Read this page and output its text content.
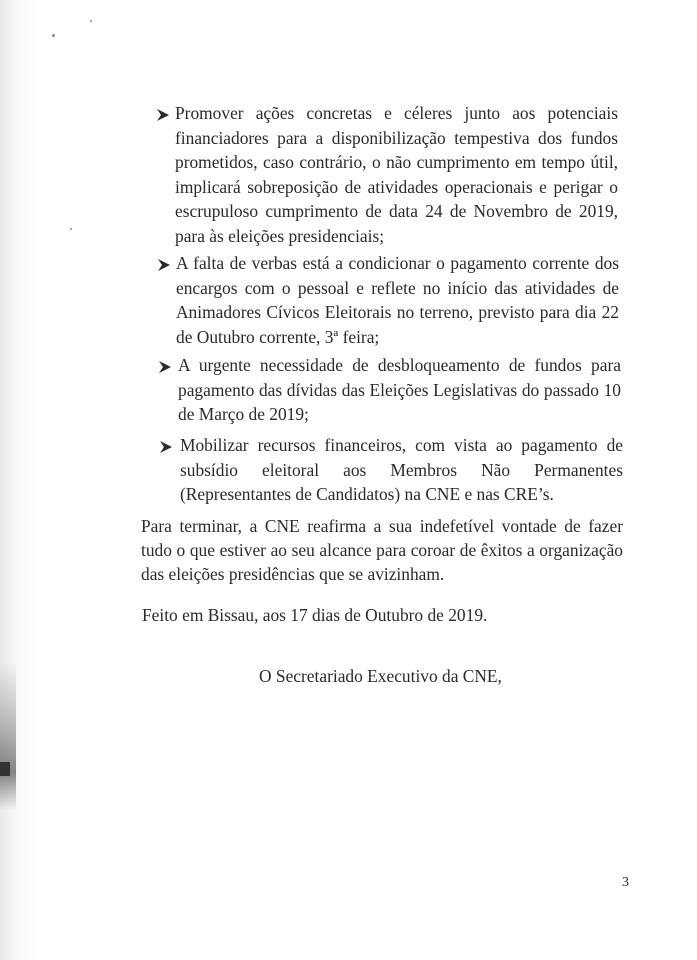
Promover ações concretas e céleres junto aos potenciais financiadores para a disponibilização tempestiva dos fundos prometidos, caso contrário, o não cumprimento em tempo útil, implicará sobreposição de atividades operacionais e perigar o escrupuloso cumprimento de data 24 de Novembro de 2019, para às eleições presidenciais;
A falta de verbas está a condicionar o pagamento corrente dos encargos com o pessoal e reflete no início das atividades de Animadores Cívicos Eleitorais no terreno, previsto para dia 22 de Outubro corrente, 3ª feira;
A urgente necessidade de desbloqueamento de fundos para pagamento das dívidas das Eleições Legislativas do passado 10 de Março de 2019;
Mobilizar recursos financeiros, com vista ao pagamento de subsídio eleitoral aos Membros Não Permanentes (Representantes de Candidatos) na CNE e nas CRE’s.
Para terminar, a CNE reafirma a sua indefetível vontade de fazer tudo o que estiver ao seu alcance para coroar de êxitos a organização das eleições presidências que se avizinham.
Feito em Bissau, aos 17 dias de Outubro de 2019.
O Secretariado Executivo da CNE,
3
